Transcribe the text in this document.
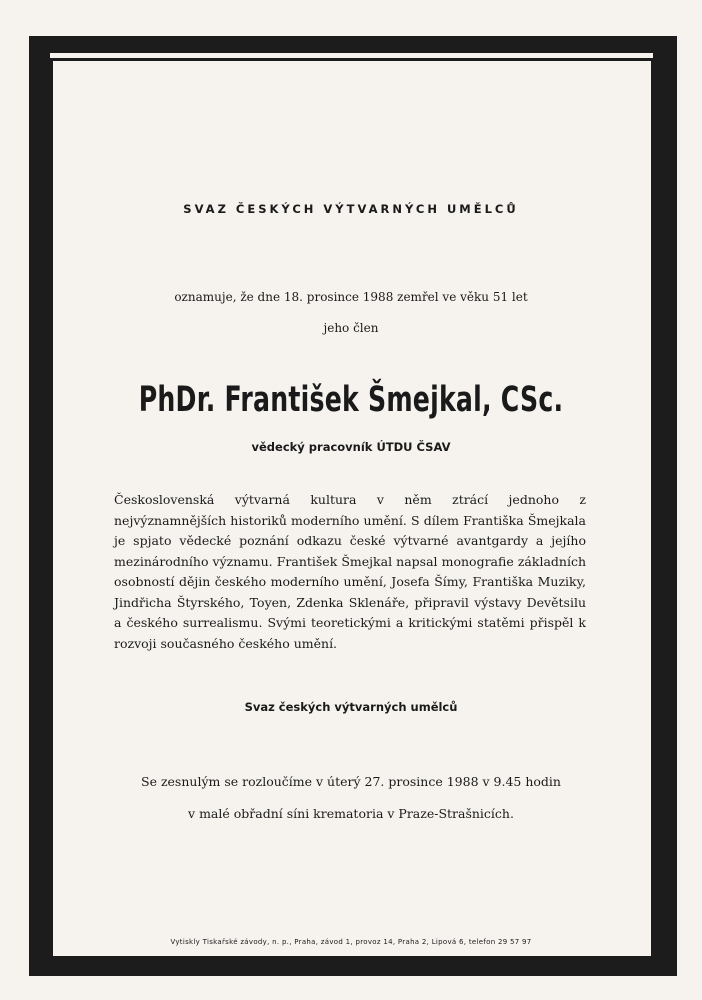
SVAZ ČESKÝCH VÝTVARNÝCH UMĚLCŮ
oznamuje, že dne 18. prosince 1988 zemřel ve věku 51 let
jeho člen
PhDr. František Šmejkal, CSc.
vědecký pracovník ÚTDU ČSAV
Československá výtvarná kultura v něm ztrácí jednoho z nejvýznamnějších historiků moderního umění. S dílem Františka Šmejkala je spjato vědecké poznání odkazu české výtvarné avantgardy a jejího mezinárodního významu. František Šmejkal napsal monografie základních osobností dějin českého moderního umění, Josefa Šímy, Františka Muziky, Jindřicha Štyrského, Toyen, Zdenka Sklenáře, připravil výstavy Devětsilu a českého surrealismu. Svými teoretickými a kritickými statěmi přispěl k rozvoji současného českého umění.
Svaz českých výtvarných umělců
Se zesnulým se rozloučíme v úterý 27. prosince 1988 v 9.45 hodin
v malé obřadní síni krematoria v Praze-Strašnicích.
Vytiskly Tiskařské závody, n. p., Praha, závod 1, provoz 14, Praha 2, Lipová 6, telefon 29 57 97
